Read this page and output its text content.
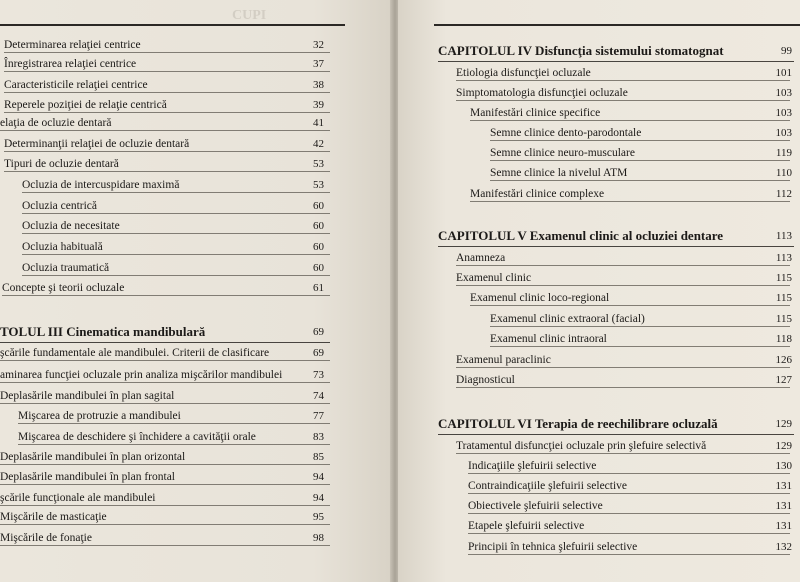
CUPI
Determinarea relaţiei centrice	32
Înregistrarea relaţiei centrice	37
Caracteristicile relaţiei centrice	38
Reperele poziţiei de relaţie centrică	39
elaţia de ocluzie dentară	41
Determinanţii relaţiei de ocluzie dentară	42
Tipuri de ocluzie dentară	53
Ocluzia de intercuspidare maximă	53
Ocluzia centrică	60
Ocluzia de necesitate	60
Ocluzia habituală	60
Ocluzia traumatică	60
Concepte şi teorii ocluzale	61
TOLUL III Cinematica mandibulară	69
şcările fundamentale ale mandibulei. Criterii de clasificare	69
aminarea funcţiei ocluzale prin analiza mişcărilor mandibulei	73
Deplasările mandibulei în plan sagital	74
Mişcarea de protruzie a mandibulei	77
Mişcarea de deschidere şi închidere a cavităţii orale	83
Deplasările mandibulei în plan orizontal	85
Deplasările mandibulei în plan frontal	94
şcările funcţionale ale mandibulei	94
Mişcările de masticaţie	95
Mişcările de fonaţie	98
CAPITOLUL IV Disfuncţia sistemului stomatognat	99
Etiologia disfuncţiei ocluzale	101
Simptomatologia disfuncţiei ocluzale	103
Manifestări clinice specifice	103
Semne clinice dento-parodontale	103
Semne clinice neuro-musculare	119
Semne clinice la nivelul ATM	110
Manifestări clinice complexe	112
CAPITOLUL V Examenul clinic al ocluziei dentare	113
Anamneza	113
Examenul clinic	115
Examenul clinic loco-regional	115
Examenul clinic extraoral (facial)	115
Examenul clinic intraoral	118
Examenul paraclinic	126
Diagnosticul	127
CAPITOLUL VI Terapia de reechilibrare ocluzală	129
Tratamentul disfuncţiei ocluzale prin şlefuire selectivă	129
Indicaţiile şlefuirii selective	130
Contraindicaţiile şlefuirii selective	131
Obiectivele şlefuirii selective	131
Etapele şlefuirii selective	131
Principii în tehnica şlefuirii selective	132
